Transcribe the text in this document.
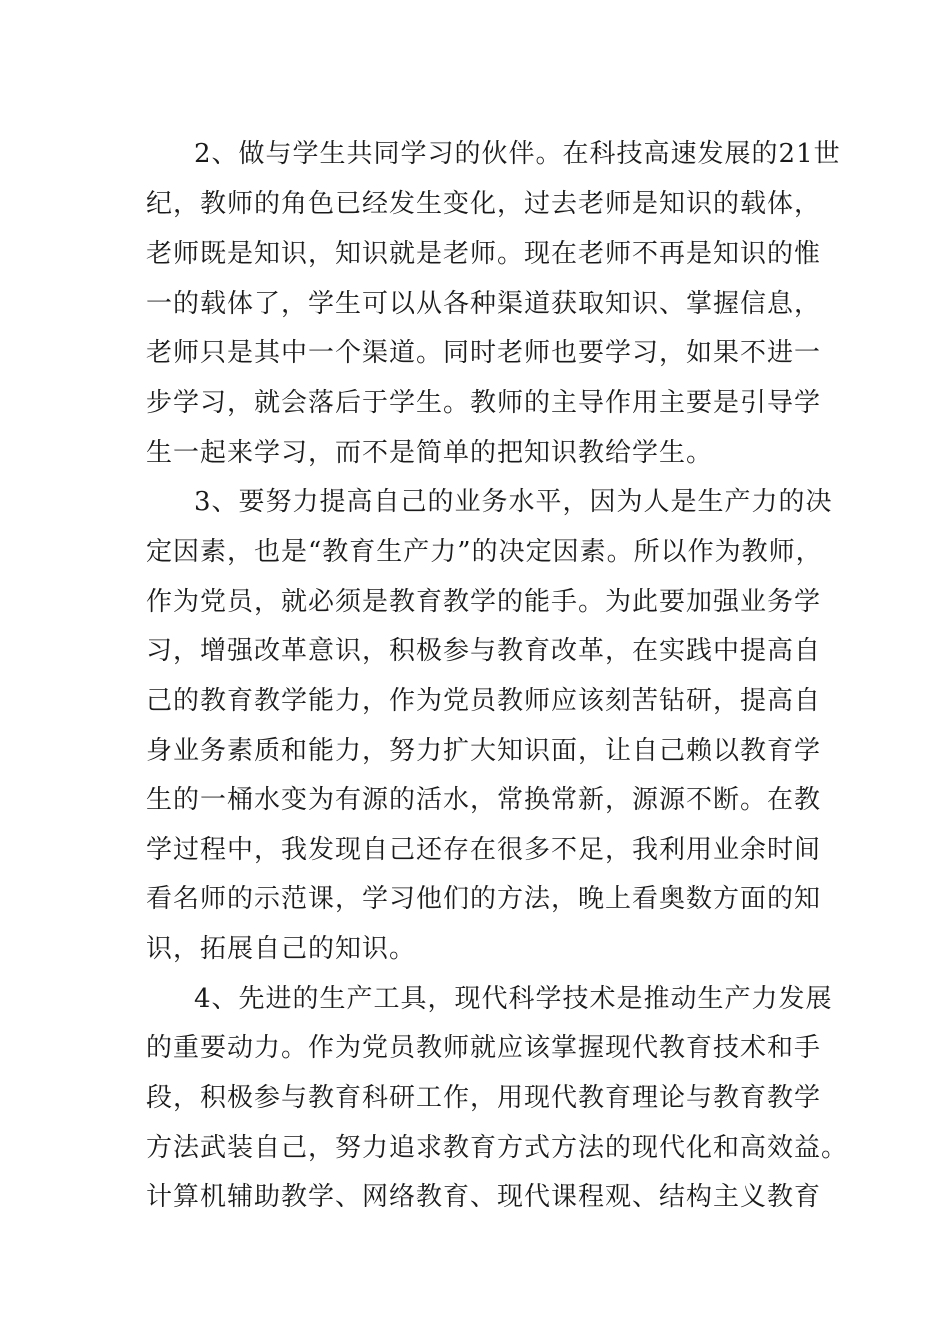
2、做与学生共同学习的伙伴。在科技高速发展的21世
纪，教师的角色已经发生变化，过去老师是知识的载体，
老师既是知识，知识就是老师。现在老师不再是知识的惟
一的载体了，学生可以从各种渠道获取知识、掌握信息，
老师只是其中一个渠道。同时老师也要学习，如果不进一
步学习，就会落后于学生。教师的主导作用主要是引导学
生一起来学习，而不是简单的把知识教给学生。
3、要努力提高自己的业务水平，因为人是生产力的决
定因素，也是“教育生产力”的决定因素。所以作为教师，
作为党员，就必须是教育教学的能手。为此要加强业务学
习，增强改革意识，积极参与教育改革，在实践中提高自
己的教育教学能力，作为党员教师应该刻苦钻研，提高自
身业务素质和能力，努力扩大知识面，让自己赖以教育学
生的一桶水变为有源的活水，常换常新，源源不断。在教
学过程中，我发现自己还存在很多不足，我利用业余时间
看名师的示范课，学习他们的方法，晚上看奥数方面的知
识，拓展自己的知识。
4、先进的生产工具，现代科学技术是推动生产力发展
的重要动力。作为党员教师就应该掌握现代教育技术和手
段，积极参与教育科研工作，用现代教育理论与教育教学
方法武装自己，努力追求教育方式方法的现代化和高效益。
计算机辅助教学、网络教育、现代课程观、结构主义教育
